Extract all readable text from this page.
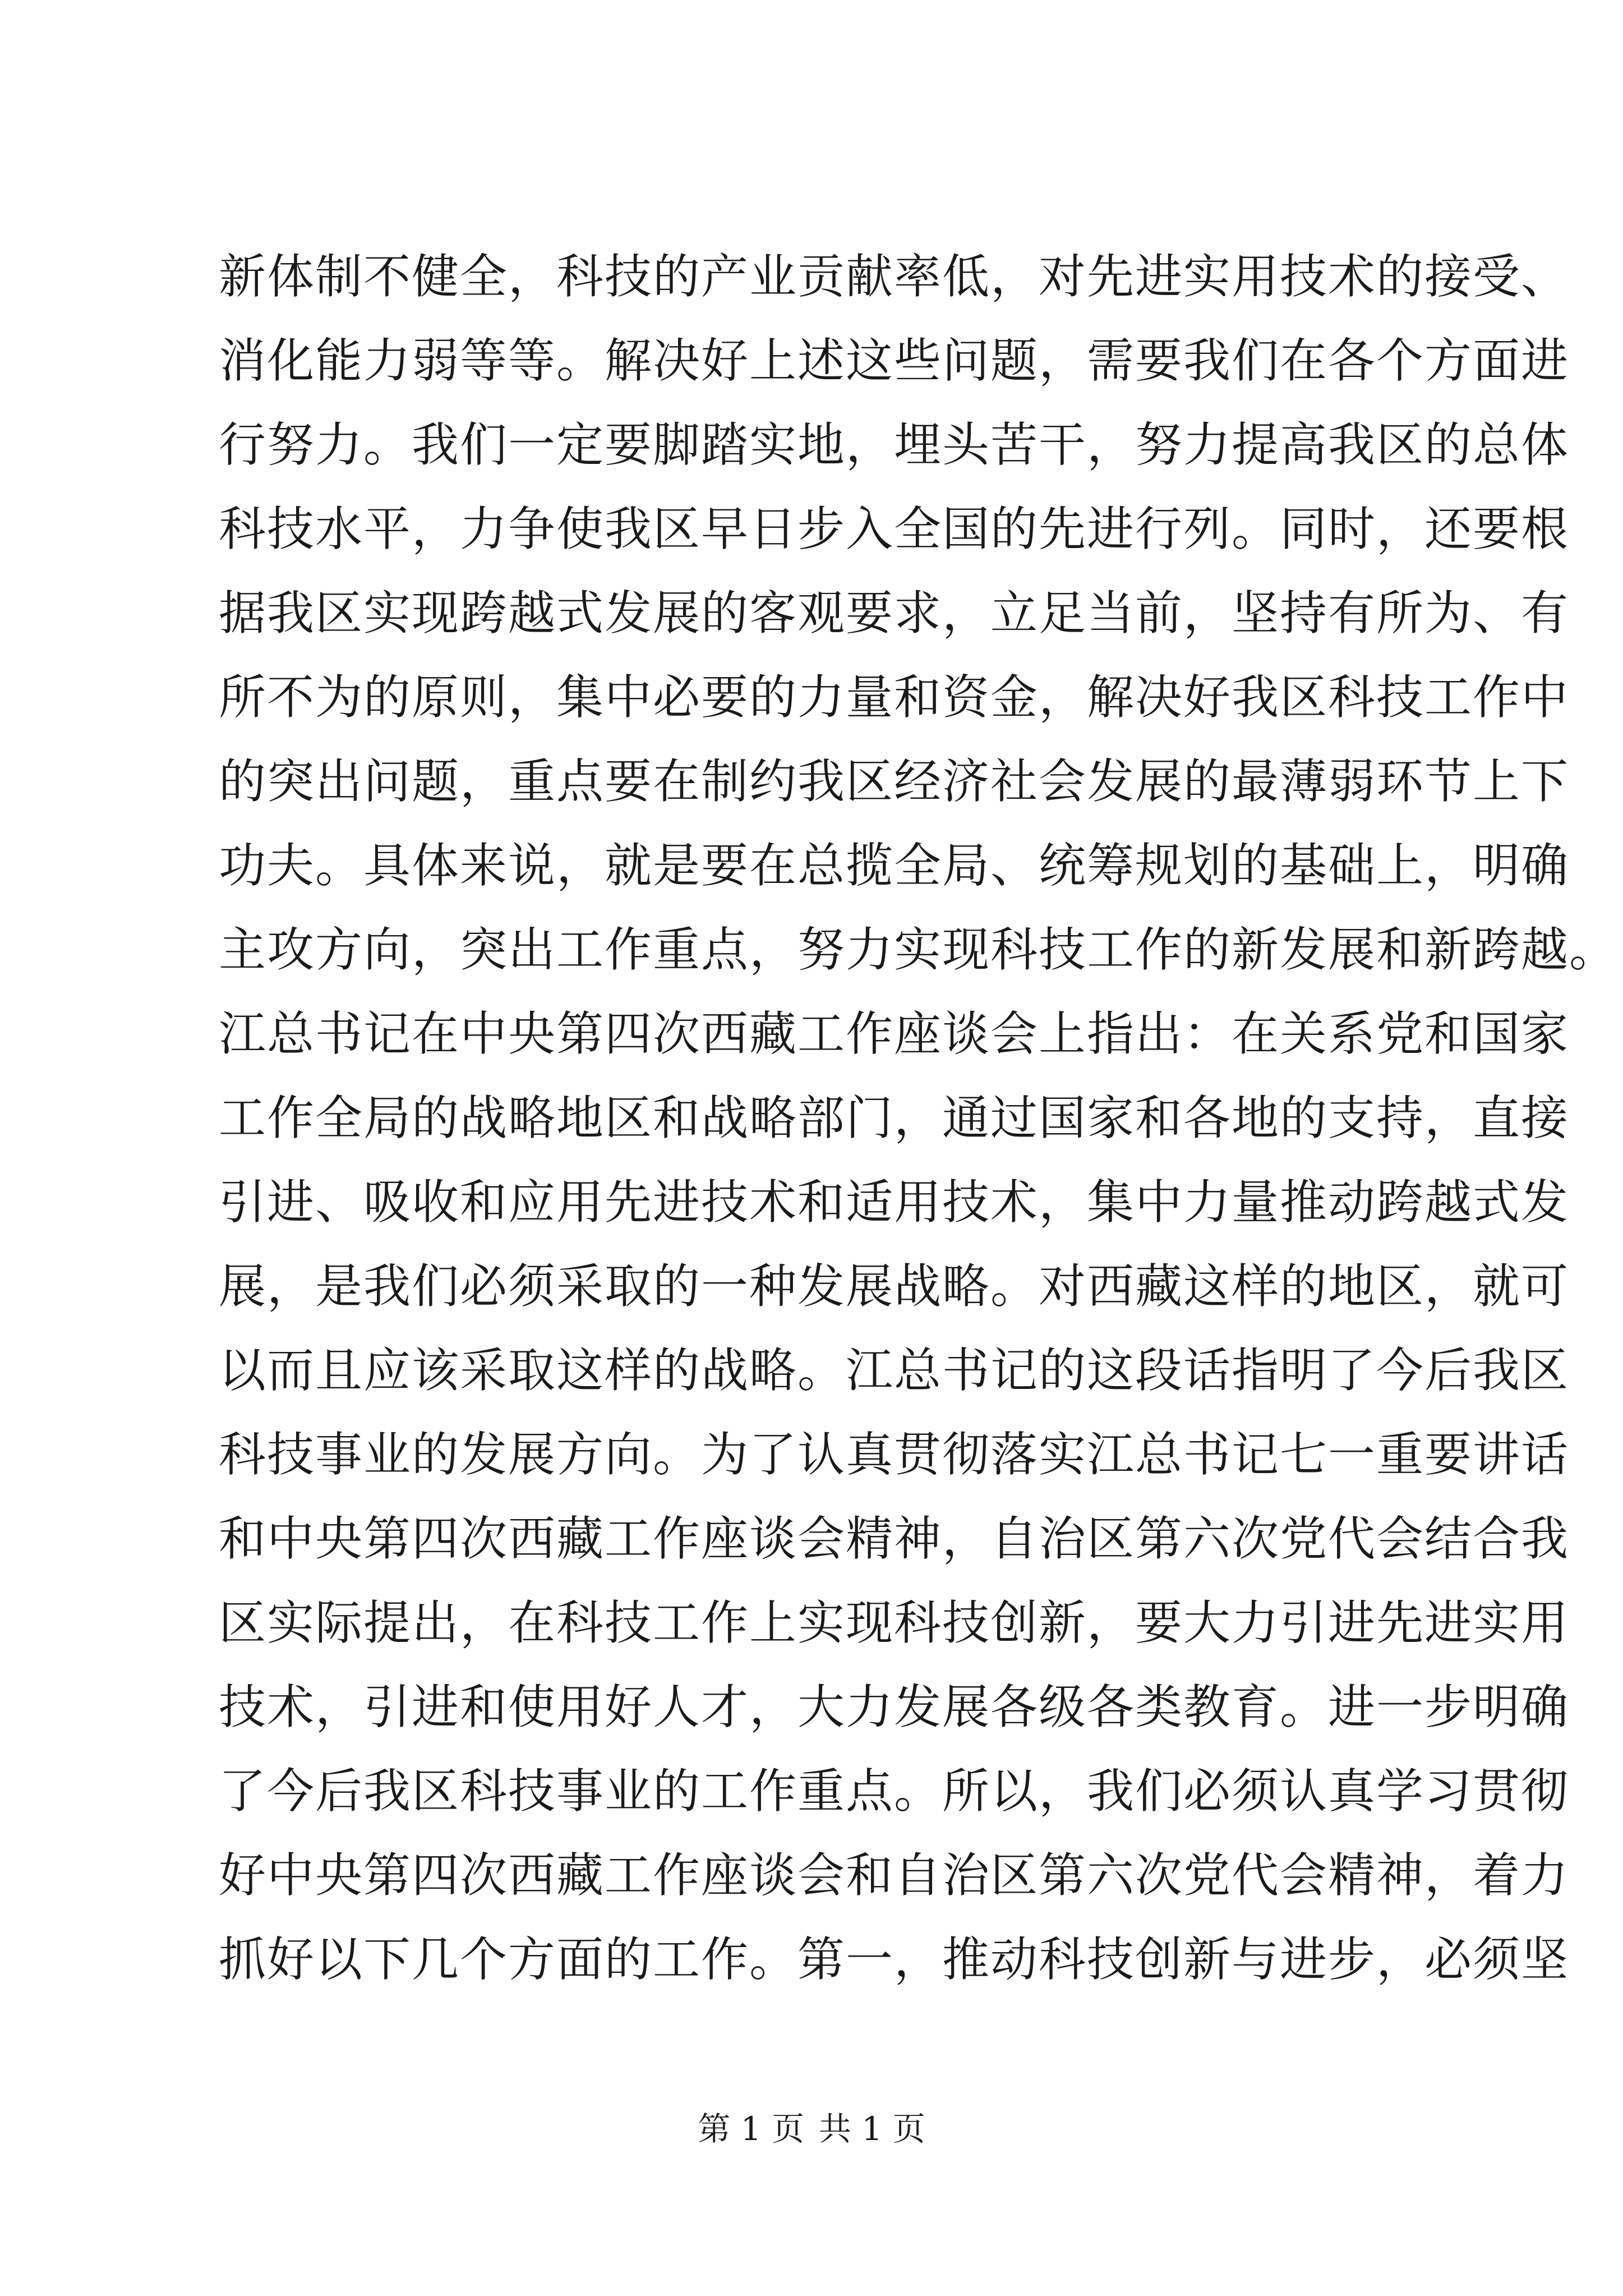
新体制不健全，科技的产业贡献率低，对先进实用技术的接受、
消化能力弱等等。解决好上述这些问题，需要我们在各个方面进
行努力。我们一定要脚踏实地，埋头苦干，努力提高我区的总体
科技水平，力争使我区早日步入全国的先进行列。同时，还要根
据我区实现跨越式发展的客观要求，立足当前，坚持有所为、有
所不为的原则，集中必要的力量和资金，解决好我区科技工作中
的突出问题，重点要在制约我区经济社会发展的最薄弱环节上下
功夫。具体来说，就是要在总揽全局、统筹规划的基础上，明确
主攻方向，突出工作重点，努力实现科技工作的新发展和新跨越。
江总书记在中央第四次西藏工作座谈会上指出：在关系党和国家
工作全局的战略地区和战略部门，通过国家和各地的支持，直接
引进、吸收和应用先进技术和适用技术，集中力量推动跨越式发
展，是我们必须采取的一种发展战略。对西藏这样的地区，就可
以而且应该采取这样的战略。江总书记的这段话指明了今后我区
科技事业的发展方向。为了认真贯彻落实江总书记七一重要讲话
和中央第四次西藏工作座谈会精神，自治区第六次党代会结合我
区实际提出，在科技工作上实现科技创新，要大力引进先进实用
技术，引进和使用好人才，大力发展各级各类教育。进一步明确
了今后我区科技事业的工作重点。所以，我们必须认真学习贯彻
好中央第四次西藏工作座谈会和自治区第六次党代会精神，着力
抓好以下几个方面的工作。第一，推动科技创新与进步，必须坚
第 1 页 共 1 页
